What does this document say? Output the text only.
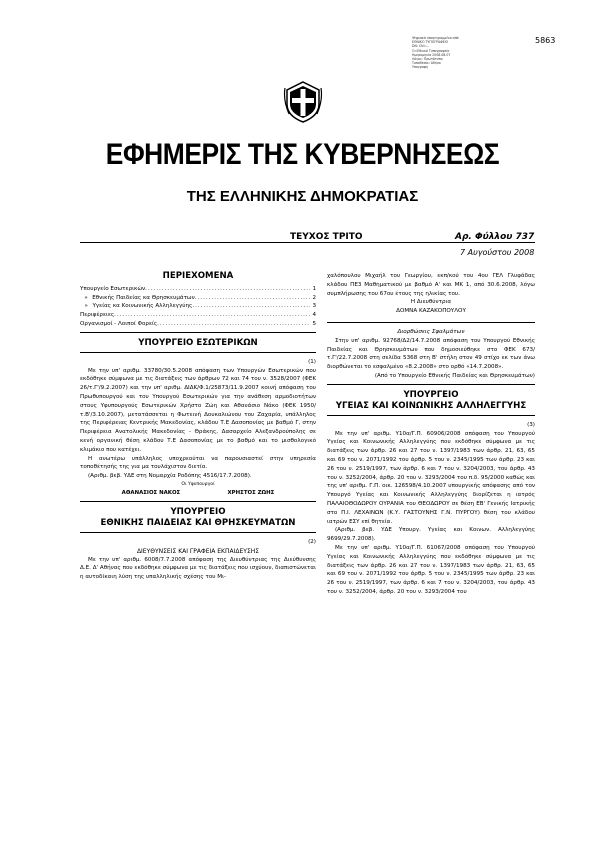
Ψηφιακά υπογεγραμμένο από
ΕΘΝΙΚΟ ΤΥΠΟΓΡΑΦΕΙΟ
DN: CN=...
Ο=Εθνικό Τυπογραφείο
Ημερομηνία 2008.08.07
Λόγος: Πρωτότυπο
Τοποθεσία: Αθήνα
Υπογραφή
5863
ΕΦΗΜΕΡΙΣ ΤΗΣ ΚΥΒΕΡΝΗΣΕΩΣ
ΤΗΣ ΕΛΛΗΝΙΚΗΣ ΔΗΜΟΚΡΑΤΙΑΣ
ΤΕΥΧΟΣ ΤΡΙΤΟ	Αρ. Φύλλου 737
7 Αυγούστου 2008
ΠΕΡΙΕΧΟΜΕΝΑ
Υπουργείο Εσωτερικών .....	1
» Εθνικής Παιδείας κα Θρησκευμάτων .....	2
» Υγείας κα Κοινωνικής Αλληλεγγύης .....	3
Περιφέρειες .....	4
Οργανισμοί - Λοιποί Φορείς .....	5
ΥΠΟΥΡΓΕΙΟ ΕΣΩΤΕΡΙΚΩΝ
(1)

Με την υπ' αριθμ. 33780/30.5.2008 απόφαση των Υπουργών Εσωτερικών που εκδόθηκε σύμφωνα με τις διατάξεις των άρθρων 72 και 74 του ν. 3528/2007 (ΦΕΚ 26/τ.Γ'/9.2.2007) και την υπ' αριθμ. ΔΙΔΚ/Φ.1/25873/11.9.2007 κοινή απόφαση του Πρωθυπουργού και του Υπουργού Εσωτερικών για την ανάθεση αρμοδιοτήτων στους Υφυπουργούς Εσωτερικών Χρήστο Ζώη και Αθανάσιο Νάκο (ΦΕΚ 1950/τ.Β'/3.10.2007), μετατάσσεται η Φωτεινή Δουκαλιώνου του Ζαχαρία, υπάλληλος της Περιφέρειας Κεντρικής Μακεδονίας, κλάδου Τ.Ε Δασοπονίας με βαθμό Γ, στην Περιφέρεια Ανατολικής Μακεδονίας - Θράκης, Δασαρχείο Αλεξανδρούπολης σε κενή οργανική θέση κλάδου Τ.Ε Δασοπονίας με το βαθμό και το μισθολογικό κλιμάκιο που κατέχει.

Η ανωτέρω υπάλληλος υποχρεούται να παρουσιαστεί στην υπηρεσία τοποθέτησής της για μα τουλάχιστον διετία.

(Αριθμ. βεβ. ΥΔΕ στη Νομαρχία Ροδόπης 4516/17.7.2008).

Οι Υφυπουργοί
ΑΘΑΝΑΣΙΟΣ ΝΑΚΟΣ	ΧΡΗΣΤΟΣ ΖΩΗΣ
ΥΠΟΥΡΓΕΙΟ
ΕΘΝΙΚΗΣ ΠΑΙΔΕΙΑΣ ΚΑΙ ΘΡΗΣΚΕΥΜΑΤΩΝ
(2)
ΔΙΕΥΘΥΝΣΕΙΣ ΚΑΙ ΓΡΑΦΕΙΑ ΕΚΠΑΙΔΕΥΣΗΣ

Με την υπ' αριθμ. 6008/7.7.2008 απόφαση της Διευθύντριας της Διεύθυνσης Δ.Ε. Δ' Αθήνας που εκδόθηκε σύμφωνα με τις διατάξεις που ισχύουν, διαπιστώνεται η αυτοδίκαιη λύση της υπαλληλικής σχέσης του Μι-

χαλόπουλου Μιχαήλ του Γεωργίου, εκπ/κού του 4ου ΓΕΛ Γλυφάδας κλάδου ΠΕ3 Μαθηματικού με βαθμό Α' και ΜΚ 1, από 30.6.2008, λόγω συμπλήρωσης του 67ου έτους της ηλικίας του.

Η Διευθύντρια
ΔΟΜΝΑ ΚΑΖΑΚΟΠΟΥΛΟΥ
Διορθώσεις Σφαλμάτων

Στην υπ' αριθμ. 92768/Δ2/14.7.2008 απόφαση του Υπουργού Εθνικής Παιδείας και Θρησκευμάτων που δημοσιεύθηκε στο ΦΕΚ 673/τ.Γ'/22.7.2008 στη σελίδα 5368 στη Β' στήλη στον 49 στίχο εκ των άνω διορθώνεται το εσφαλμένο «8.2.2008» στο ορθό «14.7.2008».

(Από το Υπουργείο Εθνικής Παιδείας και Θρησκευμάτων)
ΥΠΟΥΡΓΕΙΟ
ΥΓΕΙΑΣ ΚΑΙ ΚΟΙΝΩΝΙΚΗΣ ΑΛΛΗΛΕΓΓΥΗΣ
(3)

Με την υπ' αριθμ. Υ10α/Γ.Π. 60906/2008 απόφαση του Υπουργού Υγείας και Κοινωνικής Αλληλεγγύης που εκδόθηκε σύμφωνα με τις διατάξεις των άρθρ. 26 και 27 του ν. 1397/1983 των άρθρ. 21, 63, 65 και 69 του ν. 2071/1992 του άρθρ. 5 του ν. 2345/1995 των άρθρ. 23 και 26 του ν. 2519/1997, των άρθρ. 6 και 7 του ν. 3204/2003, του άρθρ. 43 του ν. 3252/2004, άρθρ. 20 του ν. 3293/2004 του π.δ. 95/2000 καθώς και της υπ' αριθμ. Γ.Π. οικ. 126598/4.10.2007 υπουργικής απόφασης από τον Υπουργό Υγείας και Κοινωνικής Αλληλεγγύης διορίζεται η ιατρός ΠΑΛΑΙΟΘΟΔΩΡΟΥ ΟΥΡΑΝΙΑ του ΘΕΟΔΩΡΟΥ σε θέση ΕΒ' Γενικής Ιατρικής στο Π.Ι. ΛΕΧΑΙΝΩΝ (Κ.Υ. ΓΑΣΤΟΥΝΗΣ Γ.Ν. ΠΥΡΓΟΥ) θέση του κλάδου ιατρών ΕΣΥ επί θητεία.

(Αριθμ. βεβ. ΥΔΕ Υπουργ. Υγείας και Κοινων. Αλληλεγγύης 9699/29.7.2008).

Με την υπ' αριθμ. Υ10α/Γ.Π. 61067/2008 απόφαση του Υπουργού Υγείας και Κοινωνικής Αλληλεγγύης που εκδόθηκε σύμφωνα με τις διατάξεις των άρθρ. 26 και 27 του ν. 1397/1983 των άρθρ. 21, 63, 65 και 69 του ν. 2071/1992 του άρθρ. 5 του ν. 2345/1995 των άρθρ. 23 και 26 του ν. 2519/1997, των άρθρ. 6 και 7 του ν. 3204/2003, του άρθρ. 43 του ν. 3252/2004, άρθρ. 20 του ν. 3293/2004 του
